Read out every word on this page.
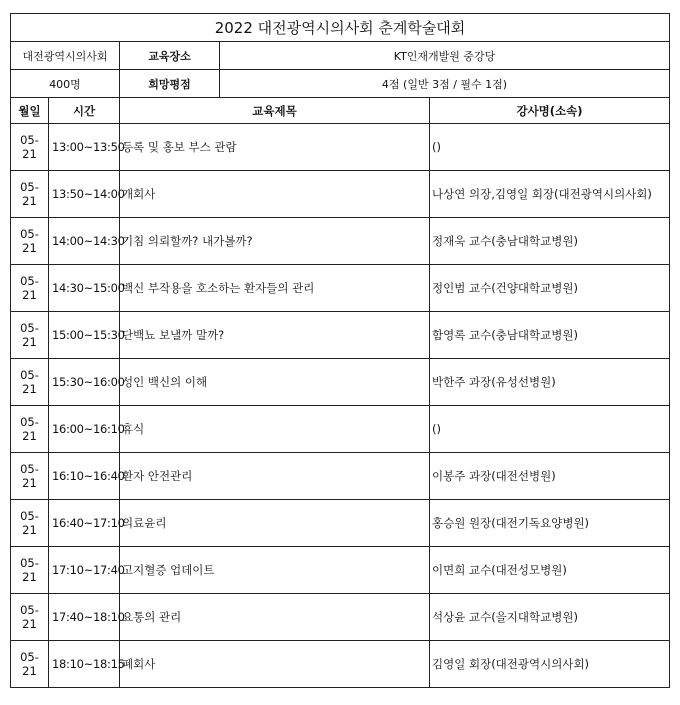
2022 대전광역시의사회 춘계학술대회				
대전광역시의사회		교육장소	KT인재개발원 중강당	
400명		희망평점	4점 (일반 3점 / 필수 1점)	
월일	시간	교육제목		강사명(소속)
05-21	13:00~13:50	등록 및 홍보 부스 관람		()
05-21	13:50~14:00	개회사		나상연 의장,김영일 회장(대전광역시의사회)
05-21	14:00~14:30	기침 의뢰할까? 내가볼까?		정재욱 교수(충남대학교병원)
05-21	14:30~15:00	백신 부작용을 호소하는 환자들의 관리		정인범 교수(건양대학교병원)
05-21	15:00~15:30	단백뇨 보낼까 말까?		함영록 교수(충남대학교병원)
05-21	15:30~16:00	성인 백신의 이해		박한주 과장(유성선병원)
05-21	16:00~16:10	휴식		()
05-21	16:10~16:40	환자 안전관리		이봉주 과장(대전선병원)
05-21	16:40~17:10	의료윤리		홍승원 원장(대전기독요양병원)
05-21	17:10~17:40	고지혈증 업데이트		이면희 교수(대전성모병원)
05-21	17:40~18:10	요통의 관리		석상윤 교수(을지대학교병원)
05-21	18:10~18:15	폐회사		김영일 회장(대전광역시의사회)
